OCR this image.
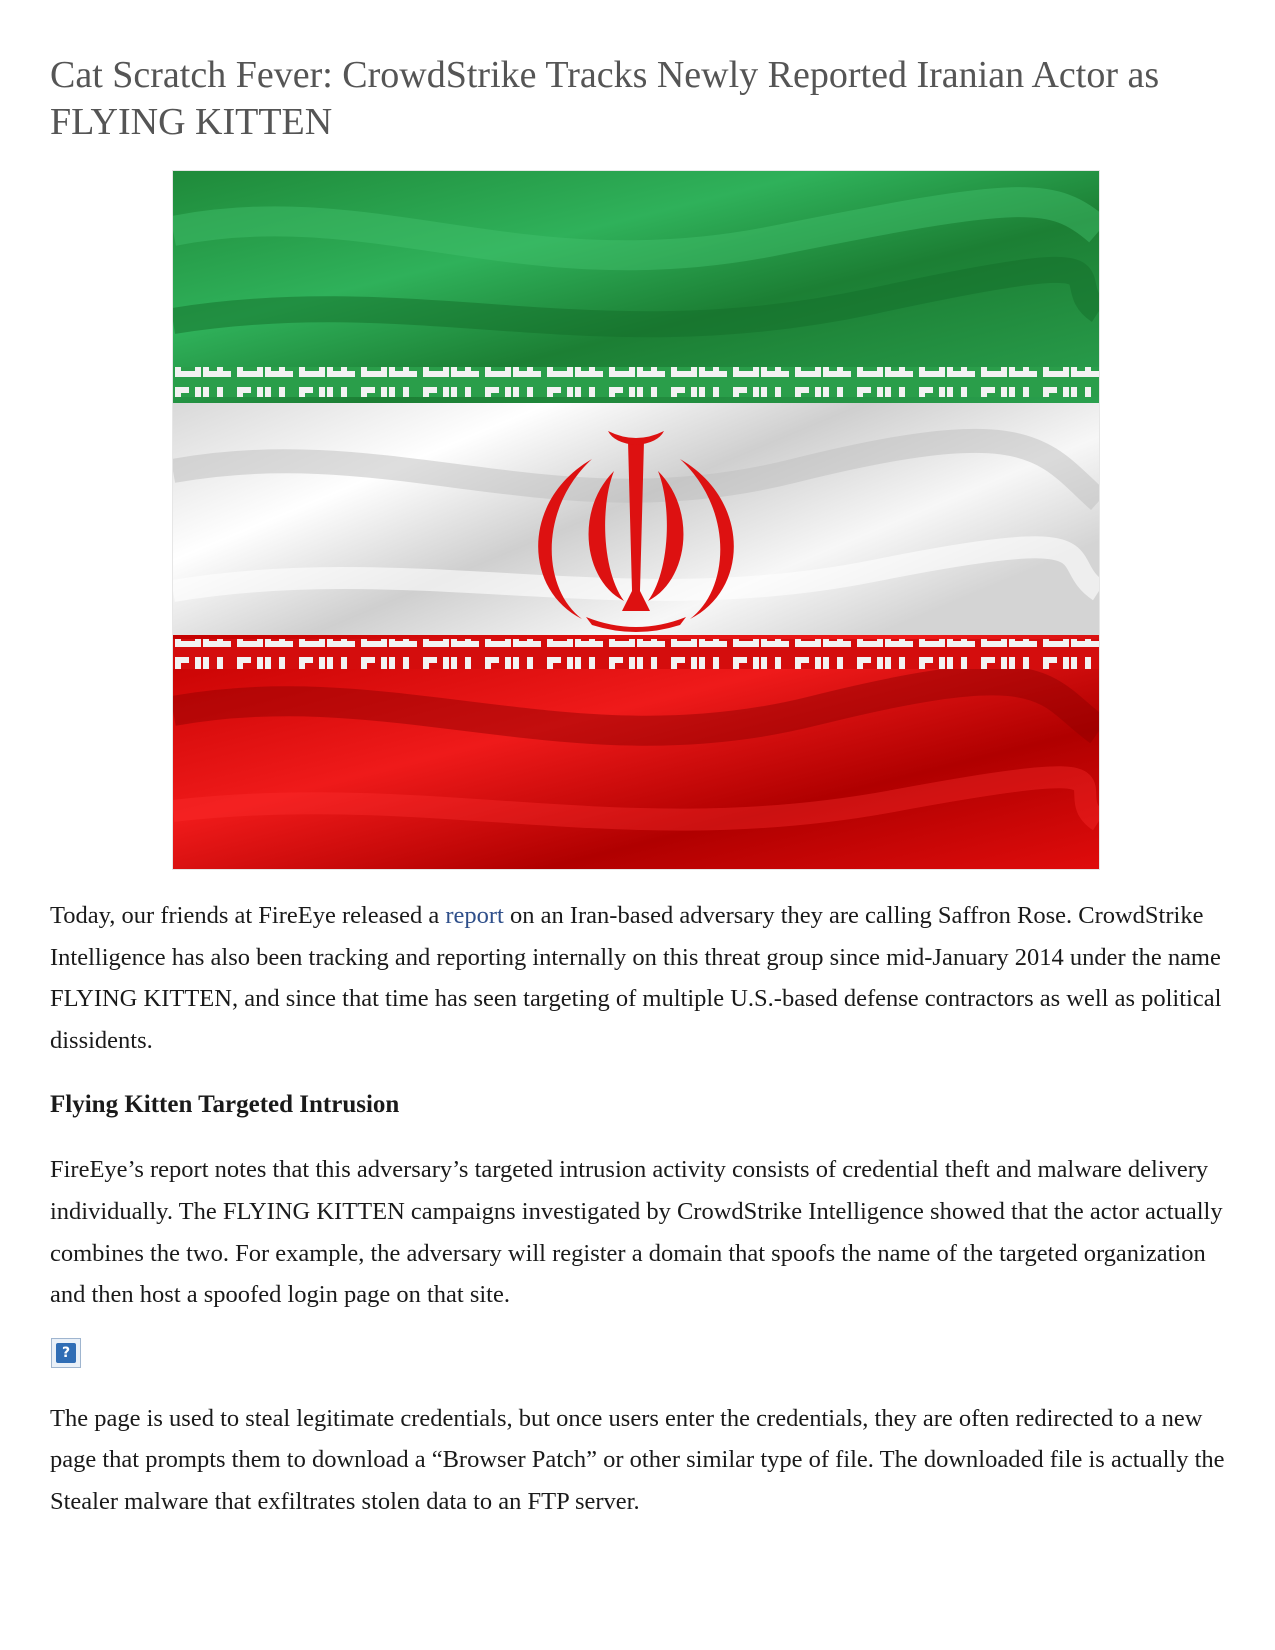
Cat Scratch Fever: CrowdStrike Tracks Newly Reported Iranian Actor as FLYING KITTEN

Today, our friends at FireEye released a report on an Iran-based adversary they are calling Saffron Rose. CrowdStrike Intelligence has also been tracking and reporting internally on this threat group since mid-January 2014 under the name FLYING KITTEN, and since that time has seen targeting of multiple U.S.-based defense contractors as well as political dissidents.

Flying Kitten Targeted Intrusion

FireEye’s report notes that this adversary’s targeted intrusion activity consists of credential theft and malware delivery individually. The FLYING KITTEN campaigns investigated by CrowdStrike Intelligence showed that the actor actually combines the two. For example, the adversary will register a domain that spoofs the name of the targeted organization and then host a spoofed login page on that site.

?

The page is used to steal legitimate credentials, but once users enter the credentials, they are often redirected to a new page that prompts them to download a “Browser Patch” or other similar type of file. The downloaded file is actually the Stealer malware that exfiltrates stolen data to an FTP server.
